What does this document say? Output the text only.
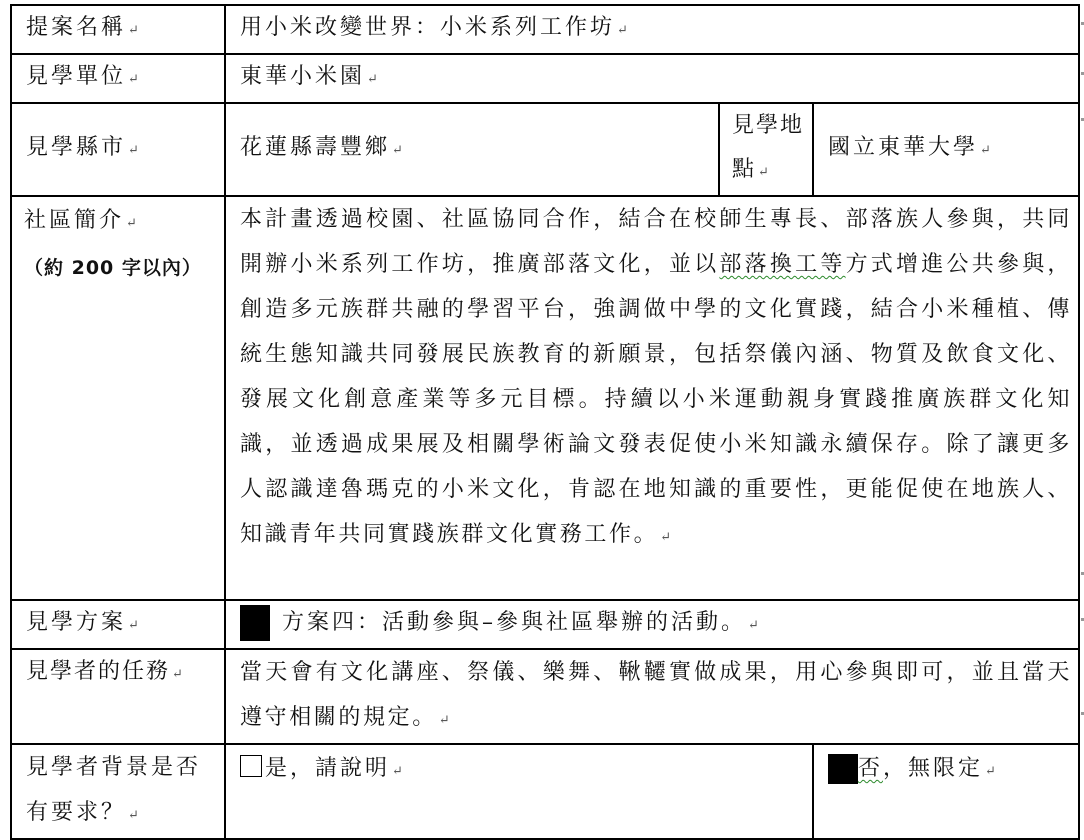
提案名稱 ↵	用小米改變世界：小米系列工作坊 ↵		
見學單位 ↵	東華小米園 ↵		
見學縣市 ↵	花蓮縣壽豐鄉 ↵	見學地點 ↵	國立東華大學 ↵

社區簡介 ↵
（約 200 字以內）	本計畫透過校園、社區協同合作，結合在校師生專長、部落族人參與，共同開辦小米系列工作坊，推廣部落文化，並以部落換工等方式增進公共參與，創造多元族群共融的學習平台，強調做中學的文化實踐，結合小米種植、傳統生態知識共同發展民族教育的新願景，包括祭儀內涵、物質及飲食文化、發展文化創意產業等多元目標。持續以小米運動親身實踐推廣族群文化知識，並透過成果展及相關學術論文發表促使小米知識永續保存。除了讓更多人認識達魯瑪克的小米文化，肯認在地知識的重要性，更能促使在地族人、知識青年共同實踐族群文化實務工作。 ↵		
見學方案 ↵	方案四：活動參與–參與社區舉辦的活動。 ↵		
見學者的任務 ↵	當天會有文化講座、祭儀、樂舞、鞦韆實做成果，用心參與即可，並且當天遵守相關的規定。 ↵		
見學者背景是否有要求？ ↵	是，請說明 ↵		否，無限定 ↵
